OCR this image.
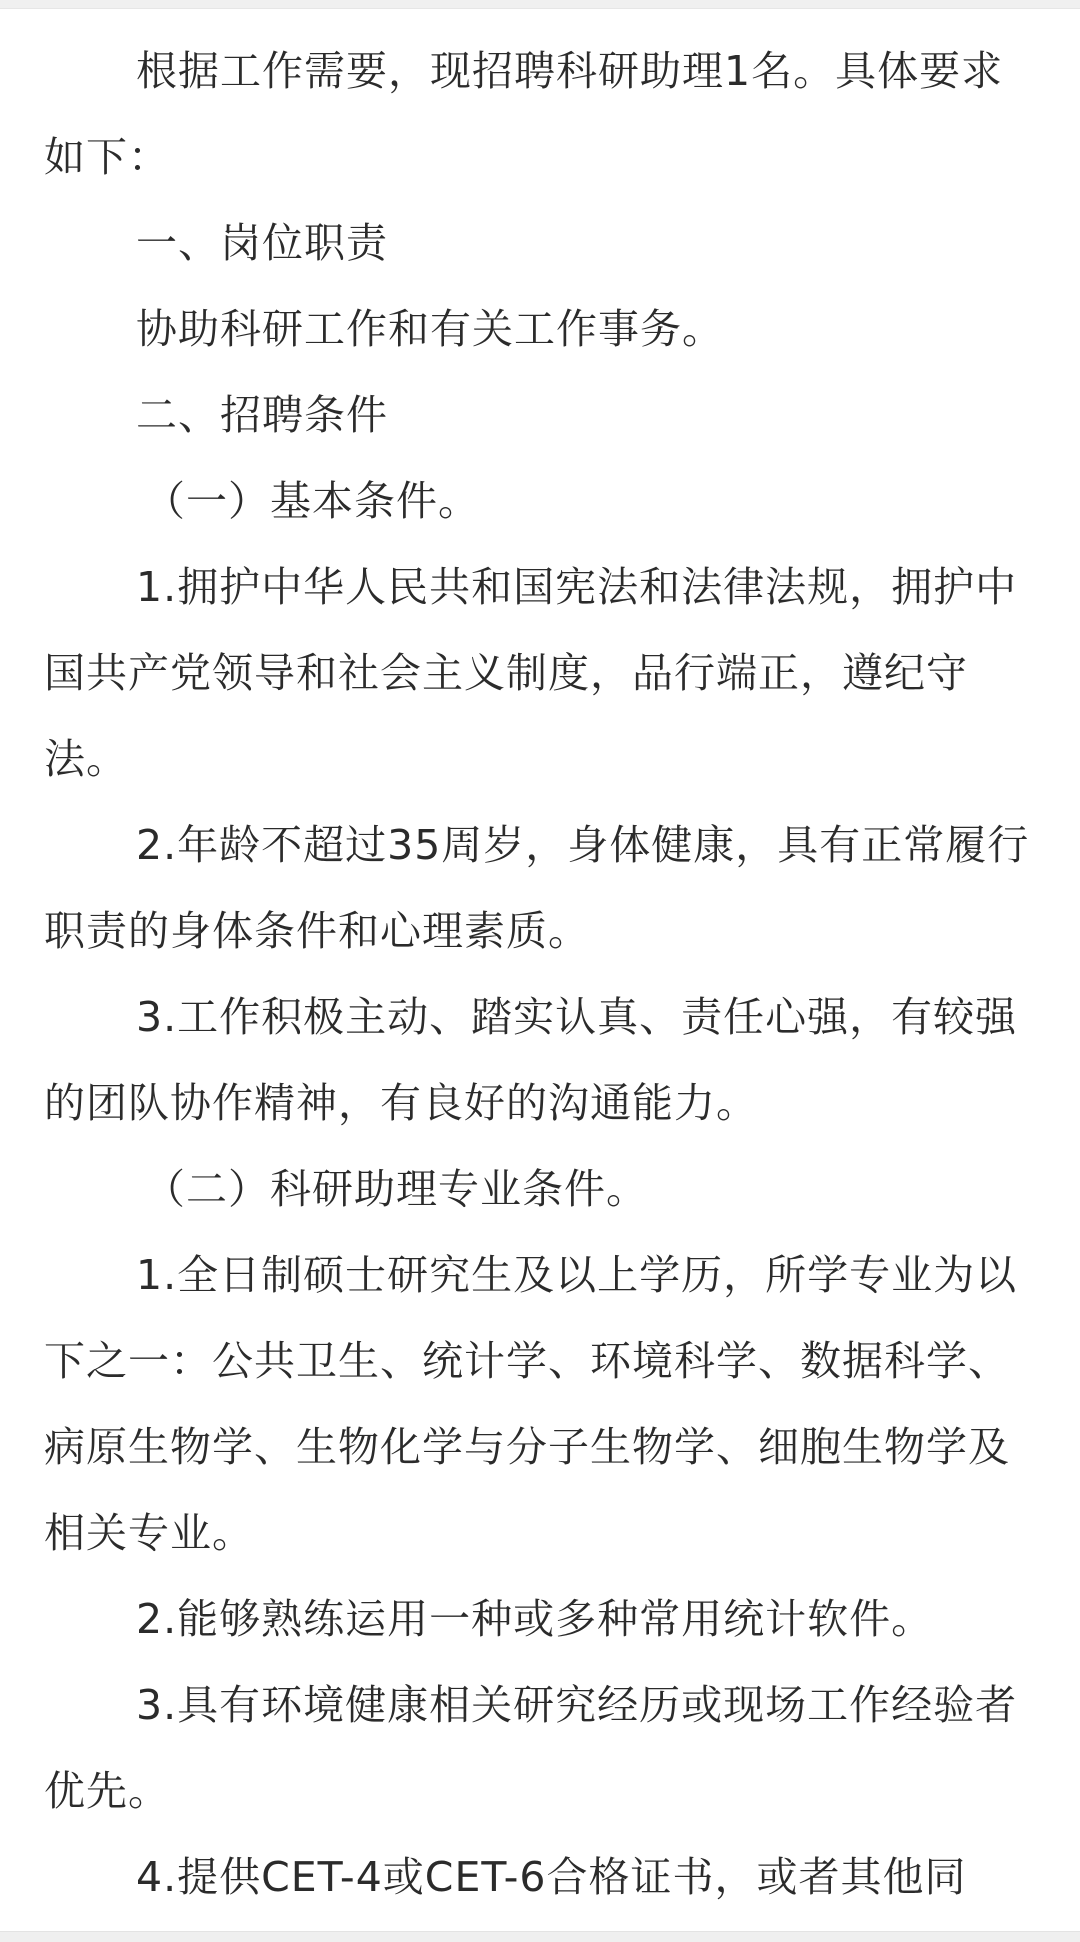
根据工作需要，现招聘科研助理1名。具体要求如下：

一、岗位职责

协助科研工作和有关工作事务。

二、招聘条件

（一）基本条件。

1.拥护中华人民共和国宪法和法律法规，拥护中国共产党领导和社会主义制度，品行端正，遵纪守法。

2.年龄不超过35周岁，身体健康，具有正常履行职责的身体条件和心理素质。

3.工作积极主动、踏实认真、责任心强，有较强的团队协作精神，有良好的沟通能力。

（二）科研助理专业条件。

1.全日制硕士研究生及以上学历，所学专业为以下之一：公共卫生、统计学、环境科学、数据科学、病原生物学、生物化学与分子生物学、细胞生物学及相关专业。

2.能够熟练运用一种或多种常用统计软件。

3.具有环境健康相关研究经历或现场工作经验者优先。

4.提供CET-4或CET-6合格证书，或者其他同
